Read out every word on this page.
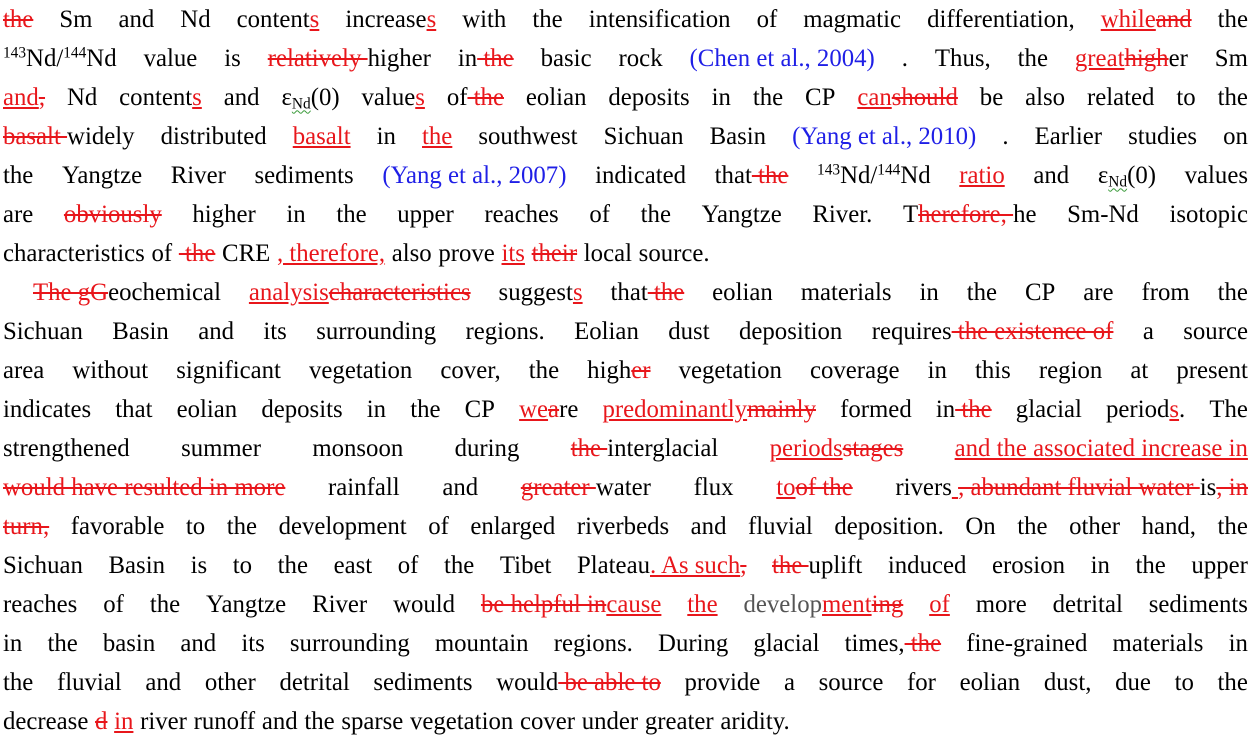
the Sm and Nd contents increases with the intensification of magmatic differentiation, whileand the
$^{143}$Nd/$^{144}$Nd value is relatively higher in the basic rock (Chen et al., 2004) . Thus, the greathigher Sm
and, Nd contents and $\varepsilon_{Nd}(0)$ values of the eolian deposits in the CP canshould be also related to the
basalt widely distributed basalt in the southwest Sichuan Basin (Yang et al., 2010) . Earlier studies on
the Yangtze River sediments (Yang et al., 2007) indicated that the $^{143}$Nd/$^{144}$Nd ratio and $\varepsilon_{Nd}(0)$ values
are obviously higher in the upper reaches of the Yangtze River. Therefore, he Sm-Nd isotopic
characteristics of the CRE , therefore, also prove its their local source.
The gGeochemical analysischaracteristics suggests that the eolian materials in the CP are from the
Sichuan Basin and its surrounding regions. Eolian dust deposition requires the existence of a source
area without significant vegetation cover, the higher vegetation coverage in this region at present
indicates that eolian deposits in the CP weare predominantlymainly formed in the glacial periods. The
strengthened summer monsoon during the interglacial periodsstages and the associated increase in
would have resulted in more rainfall and greater water flux toof the rivers , abundant fluvial water is, in
turn, favorable to the development of enlarged riverbeds and fluvial deposition. On the other hand, the
Sichuan Basin is to the east of the Tibet Plateau. As such, the uplift induced erosion in the upper
reaches of the Yangtze River would be helpful incause the developmenting of more detrital sediments
in the basin and its surrounding mountain regions. During glacial times, the fine-grained materials in
the fluvial and other detrital sediments would be able to provide a source for eolian dust, due to the
decrease d in river runoff and the sparse vegetation cover under greater aridity.
